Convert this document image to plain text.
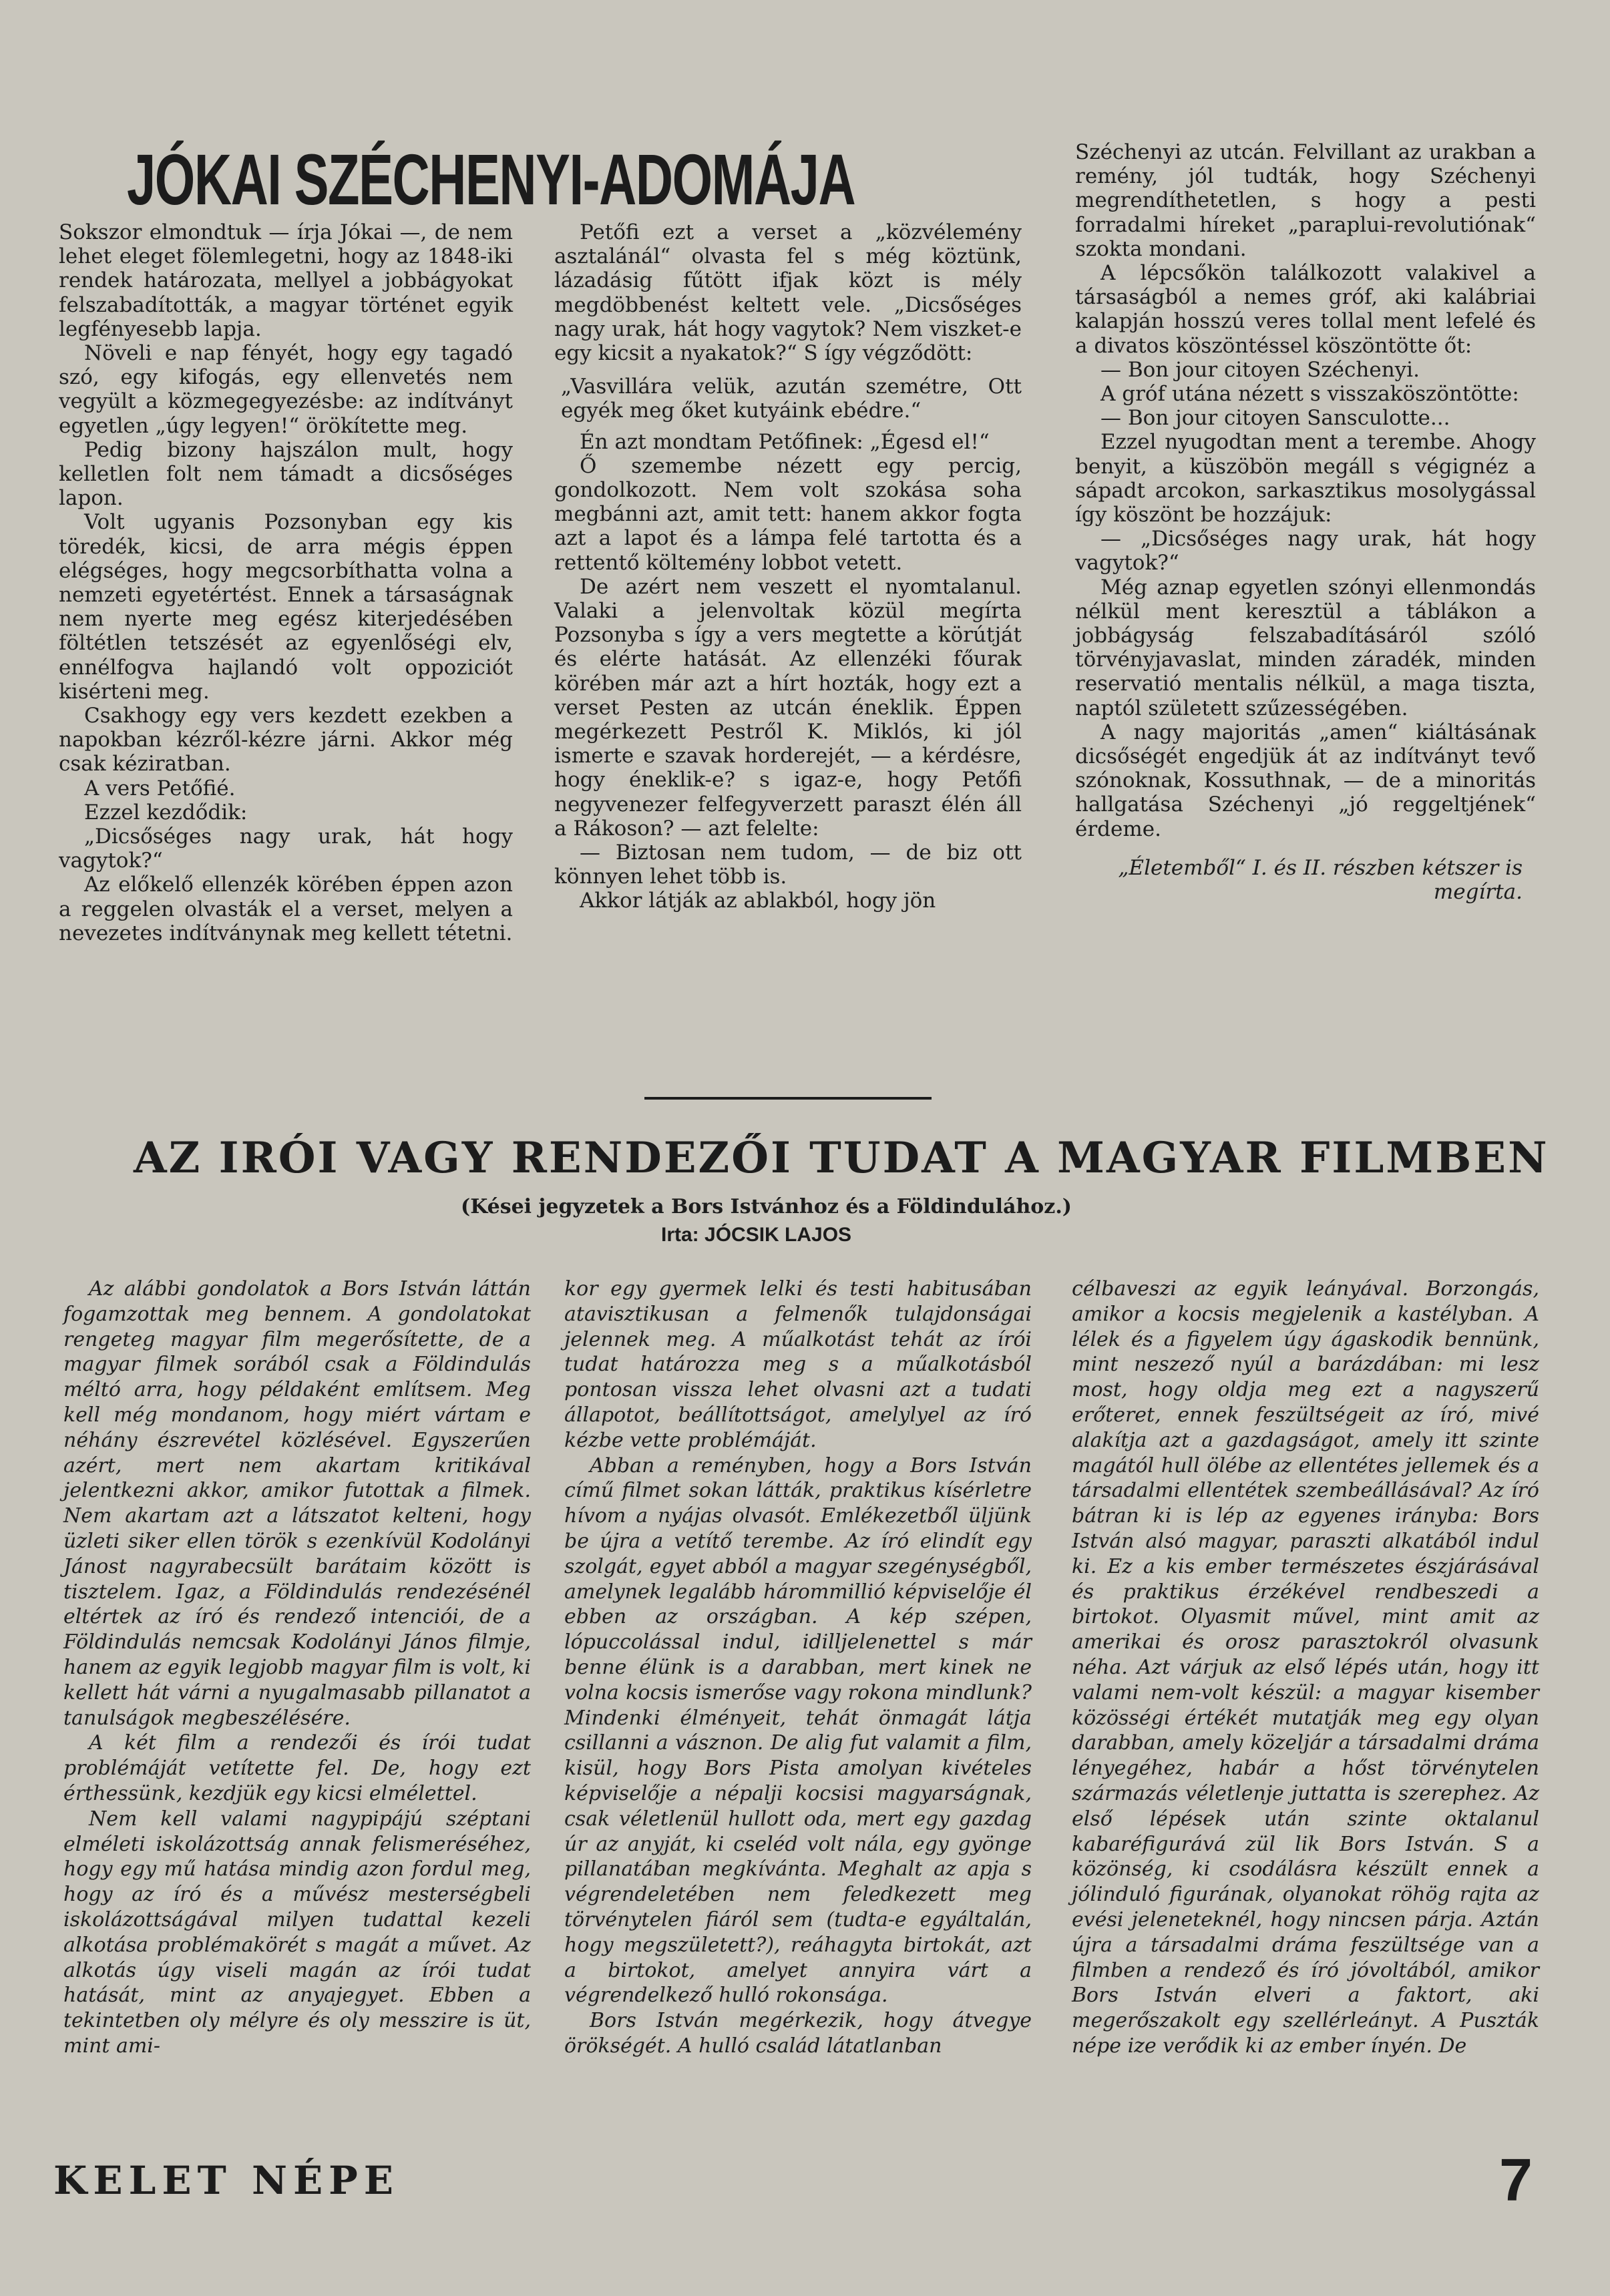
JÓKAI SZÉCHENYI-ADOMÁJA

Sokszor elmondtuk — írja Jókai —, de nem lehet eleget fölemlegetni, hogy az 1848-iki rendek határozata, mellyel a jobbágyokat felszabadították, a magyar történet egyik legfényesebb lapja.

Növeli e nap fényét, hogy egy tagadó szó, egy kifogás, egy ellenvetés nem vegyült a közmegegyezésbe: az indítványt egyetlen „úgy legyen!“ örökítette meg.

Pedig bizony hajszálon mult, hogy kelletlen folt nem támadt a dicsőséges lapon.

Volt ugyanis Pozsonyban egy kis töredék, kicsi, de arra mégis éppen elégséges, hogy megcsorbíthatta volna a nemzeti egyetértést. Ennek a társaságnak nem nyerte meg egész kiterjedésében föltétlen tetszését az egyenlőségi elv, ennélfogva hajlandó volt oppoziciót kisérteni meg.

Csakhogy egy vers kezdett ezekben a napokban kézről-kézre járni. Akkor még csak kéziratban.

A vers Petőfié.

Ezzel kezdődik:

„Dicsőséges nagy urak, hát hogy vagytok?“

Az előkelő ellenzék körében éppen azon a reggelen olvasták el a verset, melyen a nevezetes indítványnak meg kellett tétetni.

Petőfi ezt a verset a „közvélemény asztalánál“ olvasta fel s még köztünk, lázadásig fűtött ifjak közt is mély megdöbbenést keltett vele. „Dicsőséges nagy urak, hát hogy vagytok? Nem viszket-e egy kicsit a nyakatok?“ S így végződött:

„Vasvillára velük, azután szemétre, Ott egyék meg őket kutyáink ebédre.“

Én azt mondtam Petőfinek: „Égesd el!“

Ő szemembe nézett egy percig, gondolkozott. Nem volt szokása soha megbánni azt, amit tett: hanem akkor fogta azt a lapot és a lámpa felé tartotta és a rettentő költemény lobbot vetett.

De azért nem veszett el nyomtalanul. Valaki a jelenvoltak közül megírta Pozsonyba s így a vers megtette a körútját és elérte hatását. Az ellenzéki főurak körében már azt a hírt hozták, hogy ezt a verset Pesten az utcán éneklik. Éppen megérkezett Pestről K. Miklós, ki jól ismerte e szavak horderejét, — a kérdésre, hogy éneklik-e? s igaz-e, hogy Petőfi negyvenezer felfegyverzett paraszt élén áll a Rákoson? — azt felelte:

— Biztosan nem tudom, — de biz ott könnyen lehet több is.

Akkor látják az ablakból, hogy jön

Széchenyi az utcán. Felvillant az urakban a remény, jól tudták, hogy Széchenyi megrendíthetetlen, s hogy a pesti forradalmi híreket „paraplui-revolutiónak“ szokta mondani.

A lépcsőkön találkozott valakivel a társaságból a nemes gróf, aki kalábriai kalapján hosszú veres tollal ment lefelé és a divatos köszöntéssel köszöntötte őt:

— Bon jour citoyen Széchenyi.

A gróf utána nézett s visszaköszöntötte:

— Bon jour citoyen Sansculotte...

Ezzel nyugodtan ment a terembe. Ahogy benyit, a küszöbön megáll s végignéz a sápadt arcokon, sarkasztikus mosolygással így köszönt be hozzájuk:

— „Dicsőséges nagy urak, hát hogy vagytok?“

Még aznap egyetlen szónyi ellenmondás nélkül ment keresztül a táblákon a jobbágyság felszabadításáról szóló törvényjavaslat, minden záradék, minden reservatió mentalis nélkül, a maga tiszta, naptól született szűzességében.

A nagy majoritás „amen“ kiáltásának dicsőségét engedjük át az indítványt tevő szónoknak, Kossuthnak, — de a minoritás hallgatása Széchenyi „jó reggeltjének“ érdeme.

„Életemből“ I. és II. részben kétszer is megírta.
AZ IRÓI VAGY RENDEZŐI TUDAT A MAGYAR FILMBEN
(Kései jegyzetek a Bors Istvánhoz és a Földindulához.)
Irta: JÓCSIK LAJOS

Az alábbi gondolatok a Bors István láttán fogamzottak meg bennem. A gondolatokat rengeteg magyar film megerősítette, de a magyar filmek sorából csak a Földindulás méltó arra, hogy példaként említsem. Meg kell még mondanom, hogy miért vártam e néhány észrevétel közlésével. Egyszerűen azért, mert nem akartam kritikával jelentkezni akkor, amikor futottak a filmek. Nem akartam azt a látszatot kelteni, hogy üzleti siker ellen török s ezenkívül Kodolányi Jánost nagyrabecsült barátaim között is tisztelem. Igaz, a Földindulás rendezésénél eltértek az író és rendező intenciói, de a Földindulás nemcsak Kodolányi János filmje, hanem az egyik legjobb magyar film is volt, ki kellett hát várni a nyugalmasabb pillanatot a tanulságok megbeszélésére.

A két film a rendezői és írói tudat problémáját vetítette fel. De, hogy ezt érthessünk, kezdjük egy kicsi elmélettel.

Nem kell valami nagypipájú széptani elméleti iskolázottság annak felismeréséhez, hogy egy mű hatása mindig azon fordul meg, hogy az író és a művész mesterségbeli iskolázottságával milyen tudattal kezeli alkotása problémakörét s magát a művet. Az alkotás úgy viseli magán az írói tudat hatását, mint az anyajegyet. Ebben a tekintetben oly mélyre és oly messzire is üt, mint ami-

kor egy gyermek lelki és testi habitusában atavisztikusan a felmenők tulajdonságai jelennek meg. A műalkotást tehát az írói tudat határozza meg s a műalkotásból pontosan vissza lehet olvasni azt a tudati állapotot, beállítottságot, amelylyel az író kézbe vette problémáját.

Abban a reményben, hogy a Bors István című filmet sokan látták, praktikus kísérletre hívom a nyájas olvasót. Emlékezetből üljünk be újra a vetítő terembe. Az író elindít egy szolgát, egyet abból a magyar szegénységből, amelynek legalább hárommillió képviselője él ebben az országban. A kép szépen, lópuccolással indul, idilljelenettel s már benne élünk is a darabban, mert kinek ne volna kocsis ismerőse vagy rokona mindlunk? Mindenki élményeit, tehát önmagát látja csillanni a vásznon. De alig fut valamit a film, kisül, hogy Bors Pista amolyan kivételes képviselője a népalji kocsisi magyarságnak, csak véletlenül hullott oda, mert egy gazdag úr az anyját, ki cseléd volt nála, egy gyönge pillanatában megkívánta. Meghalt az apja s végrendeletében nem feledkezett meg törvénytelen fiáról sem (tudta-e egyáltalán, hogy megszületett?), reáhagyta birtokát, azt a birtokot, amelyet annyira várt a végrendelkező hulló rokonsága.

Bors István megérkezik, hogy átvegye örökségét. A hulló család látatlanban

célbaveszi az egyik leányával. Borzongás, amikor a kocsis megjelenik a kastélyban. A lélek és a figyelem úgy ágaskodik bennünk, mint neszező nyúl a barázdában: mi lesz most, hogy oldja meg ezt a nagyszerű erőteret, ennek feszültségeit az író, mivé alakítja azt a gazdagságot, amely itt szinte magától hull ölébe az ellentétes jellemek és a társadalmi ellentétek szembeállásával? Az író bátran ki is lép az egyenes irányba: Bors István alsó magyar, paraszti alkatából indul ki. Ez a kis ember természetes észjárásával és praktikus érzékével rendbeszedi a birtokot. Olyasmit művel, mint amit az amerikai és orosz parasztokról olvasunk néha. Azt várjuk az első lépés után, hogy itt valami nem-volt készül: a magyar kisember közösségi értékét mutatják meg egy olyan darabban, amely közeljár a társadalmi dráma lényegéhez, habár a hőst törvénytelen származás véletlenje juttatta is szerephez. Az első lépések után szinte oktalanul kabaréfigurává zül lik Bors István. S a közönség, ki csodálásra készült ennek a jólinduló figurának, olyanokat röhög rajta az evési jeleneteknél, hogy nincsen párja. Aztán újra a társadalmi dráma feszültsége van a filmben a rendező és író jóvoltából, amikor Bors István elveri a faktort, aki megerőszakolt egy szellérleányt. A Puszták népe ize verődik ki az ember ínyén. De

KELET NÉPE	7
